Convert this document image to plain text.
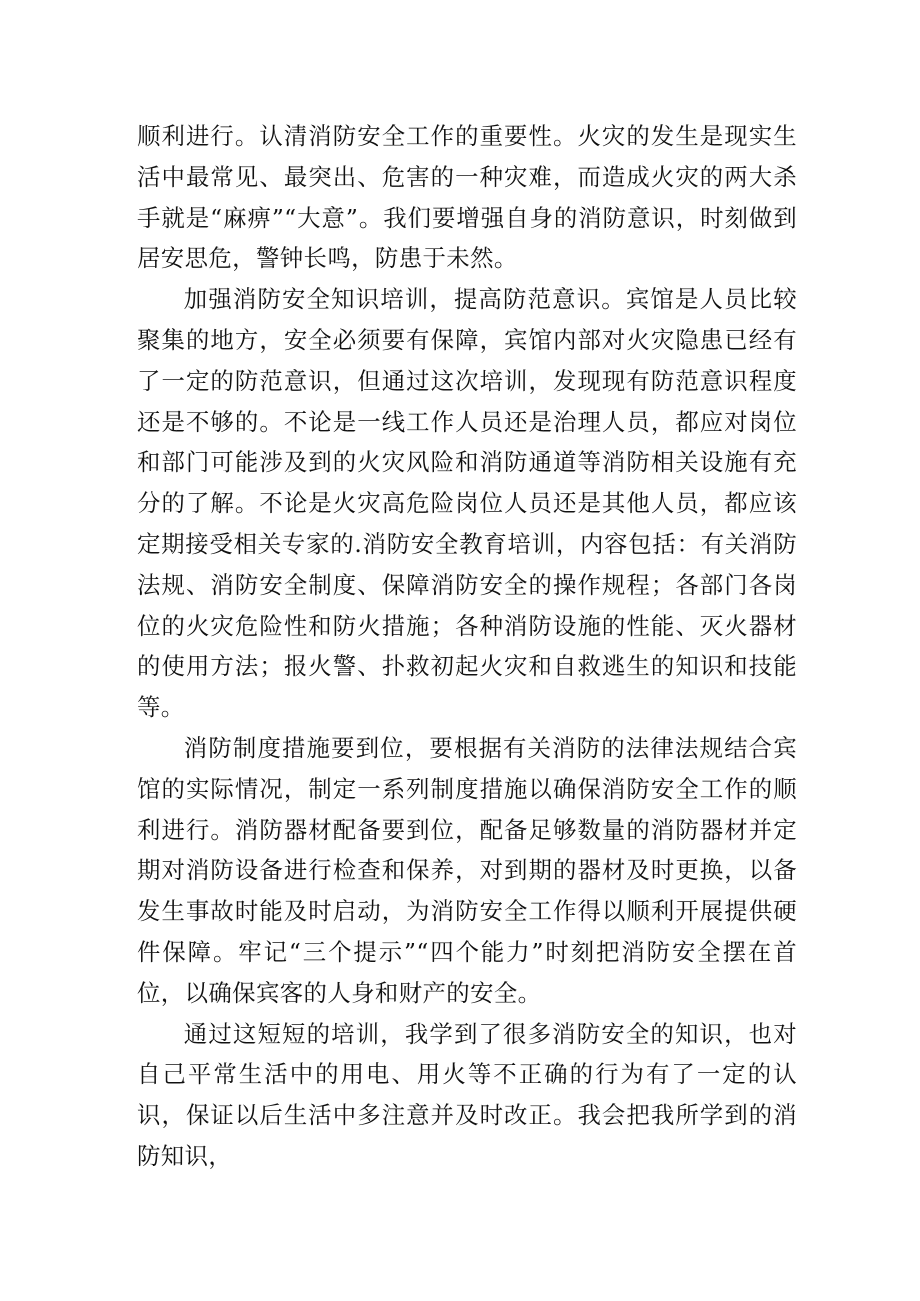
顺利进行。认清消防安全工作的重要性。火灾的发生是现实生活中最常见、最突出、危害的一种灾难，而造成火灾的两大杀手就是“麻痹”“大意”。我们要增强自身的消防意识，时刻做到居安思危，警钟长鸣，防患于未然。

加强消防安全知识培训，提高防范意识。宾馆是人员比较聚集的地方，安全必须要有保障，宾馆内部对火灾隐患已经有了一定的防范意识，但通过这次培训，发现现有防范意识程度还是不够的。不论是一线工作人员还是治理人员，都应对岗位和部门可能涉及到的火灾风险和消防通道等消防相关设施有充分的了解。不论是火灾高危险岗位人员还是其他人员，都应该定期接受相关专家的.消防安全教育培训，内容包括：有关消防法规、消防安全制度、保障消防安全的操作规程；各部门各岗位的火灾危险性和防火措施；各种消防设施的性能、灭火器材的使用方法；报火警、扑救初起火灾和自救逃生的知识和技能等。

消防制度措施要到位，要根据有关消防的法律法规结合宾馆的实际情况，制定一系列制度措施以确保消防安全工作的顺利进行。消防器材配备要到位，配备足够数量的消防器材并定期对消防设备进行检查和保养，对到期的器材及时更换，以备发生事故时能及时启动，为消防安全工作得以顺利开展提供硬件保障。牢记“三个提示”“四个能力”时刻把消防安全摆在首位，以确保宾客的人身和财产的安全。

通过这短短的培训，我学到了很多消防安全的知识，也对自己平常生活中的用电、用火等不正确的行为有了一定的认识，保证以后生活中多注意并及时改正。我会把我所学到的消防知识，
